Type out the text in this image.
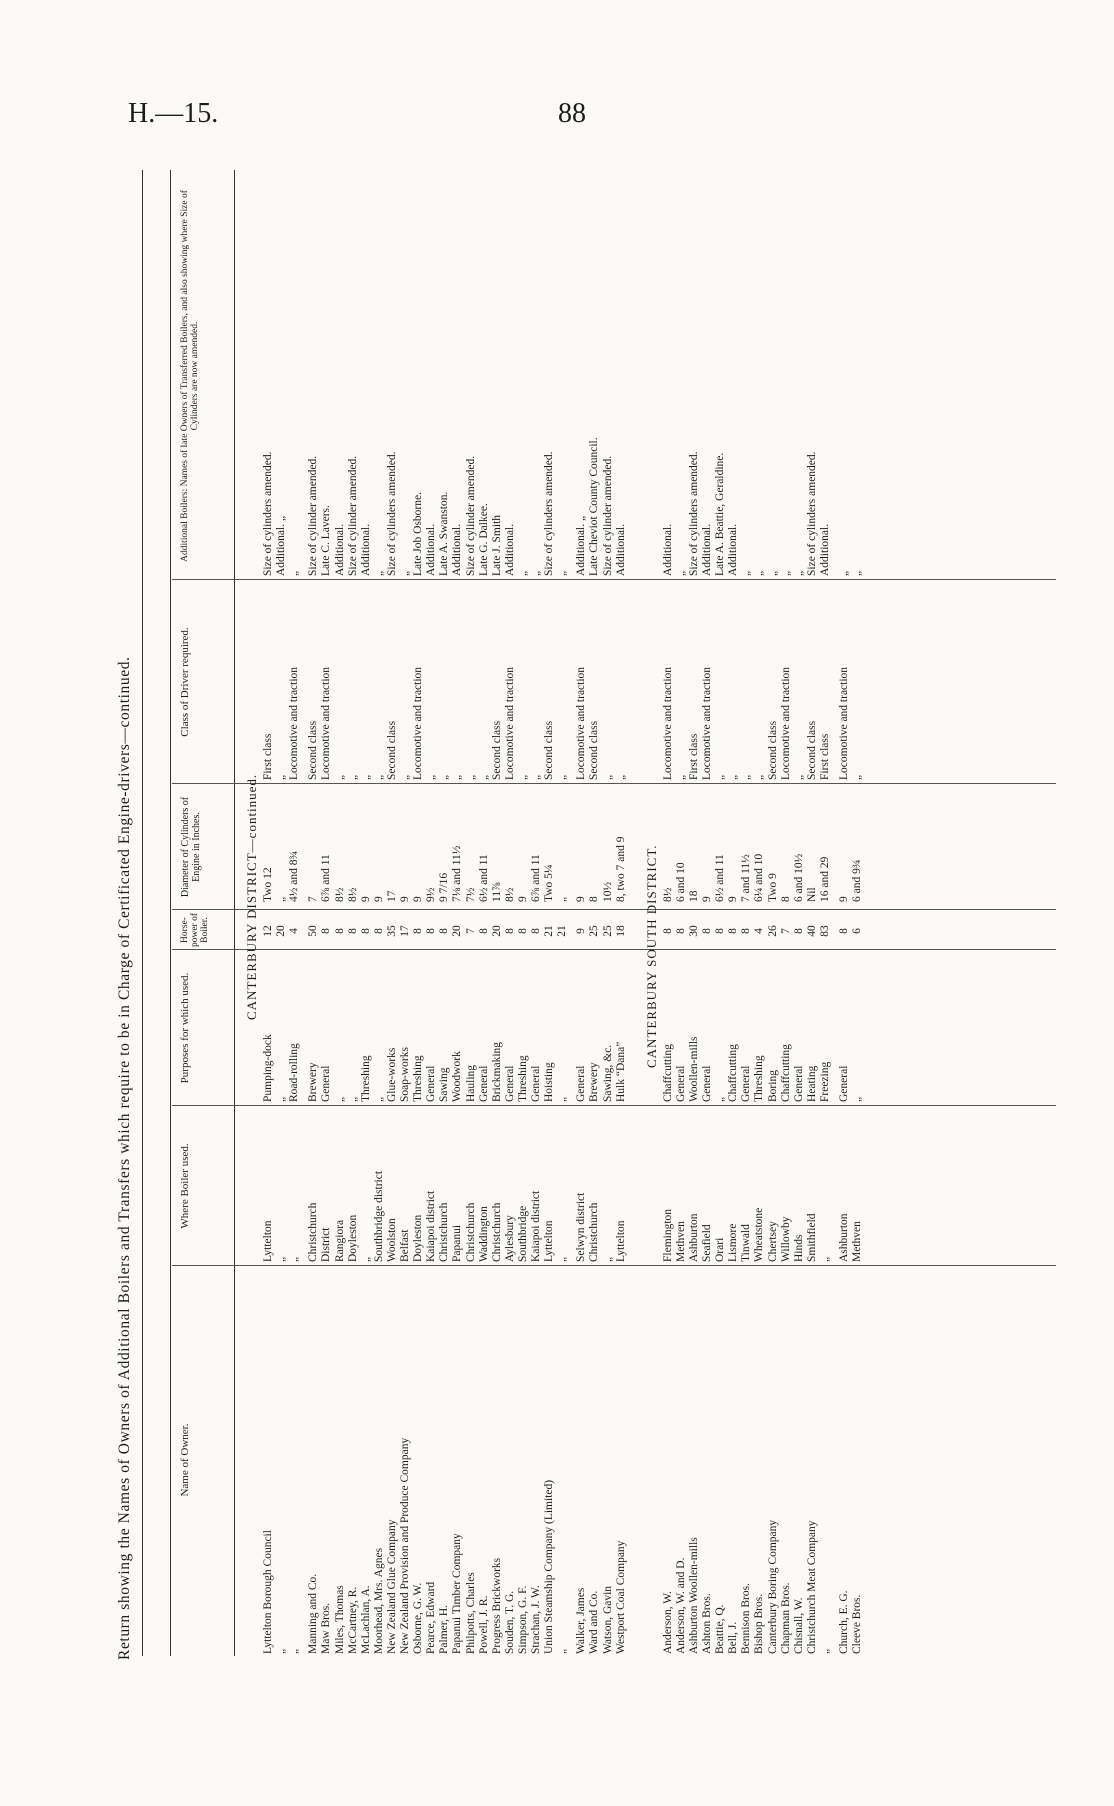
H.—15.	88
Return showing the Names of Owners of Additional Boilers and Transfers which require to be in Charge of Certificated Engine-drivers—continued.	Name of Owner.
Where Boiler used.
Purposes for which used.
Horse-power of Boiler.
Diameter of Cylinders of Engine in Inches.
Class of Driver required.
Additional Boilers: Names of late Owners of Transferred Boilers, and also showing where Size of Cylinders are now amended.
CANTERBURY DISTRICT—continued.
Lyttelton Borough Council
Lyttelton
Pumping-dock
12
Two 12
First class
Size of cylinders amended.
„
„
„
20
„
„
Additional. „
„
„
Road-rolling
4
4½ and 8¾
Locomotive and traction
„
Manning and Co.
Christchurch
Brewery
50
7
Second class
Size of cylinder amended.
Maw Bros.
District
General
8
6⅞ and 11
Locomotive and traction
Late C. Lavers.
Miles, Thomas
Rangiora
„
8
8½
„
Additional.
McCartney, R.
Doyleston
„
8
8½
„
Size of cylinder amended.
McLachlan, A.
„
Threshing
8
9
„
Additional.
Moorhead, Mrs. Agnes
Southbridge district
„
8
9
„
„
New Zealand Glue Company
Woolston
Glue-works
35
17
Second class
Size of cylinders amended.
New Zealand Provision and Produce Company
Belfast
Soap-works
17
9
„
„
Osborne, G. W.
Doyleston
Threshing
8
9
Locomotive and traction
Late Job Osborne.
Pearce, Edward
Kaiapoi district
General
8
9½
„
Additional.
Palmer, H.
Christchurch
Sawing
8
9 7/16
„
Late A. Swanston.
Papanui Timber Company
Papanui
Woodwork
20
7⅛ and 11½
„
Additional.
Philpotts, Charles
Christchurch
Hauling
7
7½
„
Size of cylinder amended.
Powell, J. R.
Waddington
General
8
6½ and 11
„
Late G. Dalkee.
Progress Brickworks
Christchurch
Brickmaking
20
11⅞
Second class
Late J. Smith
Souden, T. G.
Aylesbury
General
8
8½
Locomotive and traction
Additional.
Simpson, G. F.
Southbridge
Threshing
8
9
„
„
Strachan, J. W.
Kaiapoi district
General
8
6⅞ and 11
„
„
Union Steamship Company (Limited)
Lyttelton
Hoisting
21
Two 5¼
Second class
Size of cylinders amended.
„
„
„
21
„
„
„
Walker, James
Selwyn district
General
9
9
Locomotive and traction
Additional. „
Ward and Co.
Christchurch
Brewery
25
8
Second class
Late Cheviot County Council.
Watson, Gavin
„
Sawing, &c.
25
10½
„
Size of cylinder amended.
Westport Coal Company
Lyttelton
Hulk “Dana”
18
8, two 7 and 9
„
Additional.
CANTERBURY SOUTH DISTRICT.
Anderson, W.
Flemington
Chaffcutting
8
8½
Locomotive and traction
Additional.
Anderson, W. and D.
Methven
General
8
6 and 10
„
„
Ashburton Woollen-mills
Ashburton
Woollen-mills
30
18
First class
Size of cylinders amended.
Ashton Bros.
Seafield
General
8
9
Locomotive and traction
Additional.
Beattie, Q.
Orari
„
8
6½ and 11
„
Late A. Beattie, Geraldine.
Bell, J.
Lismore
Chaffcutting
8
9
„
Additional.
Bennison Bros.
Tinwald
General
8
7 and 11½
„
„
Bishop Bros.
Wheatstone
Threshing
4
6¼ and 10
„
„
Canterbury Boring Company
Chertsey
Boring
26
Two 9
Second class
„
Chapman Bros.
Willowby
Chaffcutting
7
8
Locomotive and traction
„
Chisnall, W.
Hinds
General
8
6 and 10½
„
„
Christchurch Meat Company
Smithfield
Heating
40
Nil
Second class
Size of cylinders amended.
„
„
Freezing
83
16 and 29
First class
Additional.
Church, E. G.
Ashburton
General
8
9
Locomotive and traction
„
Cleeve Bros.
Methven
„
6
6 and 9¾
„
„
